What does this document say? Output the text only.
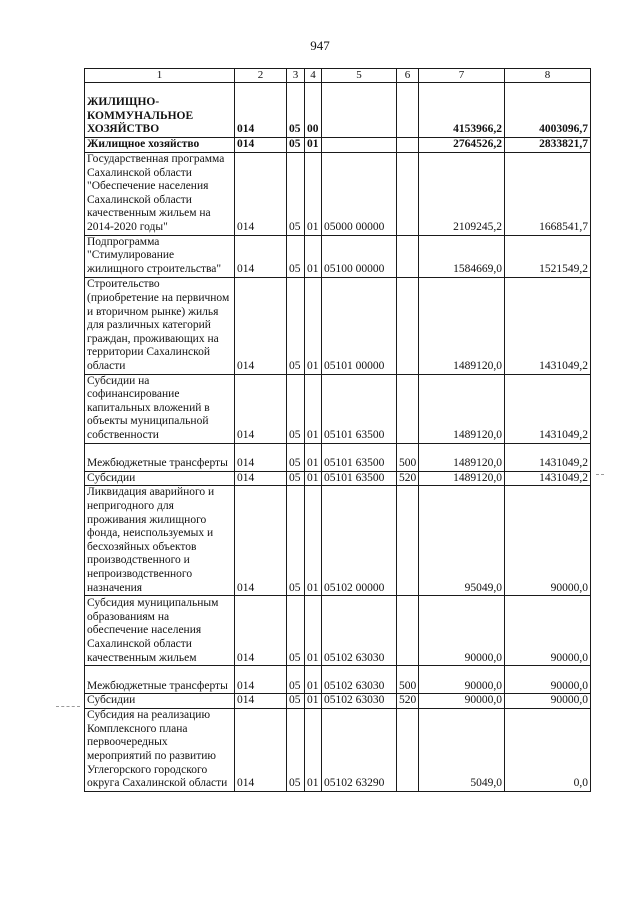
947
1	2	3	4	5	6	7	8
ЖИЛИЩНО-КОММУНАЛЬНОЕ ХОЗЯЙСТВО	014	05	00			4153966,2	4003096,7
Жилищное хозяйство	014	05	01			2764526,2	2833821,7
Государственная программа Сахалинской области "Обеспечение населения Сахалинской области качественным жильем на 2014-2020 годы"	014	05	01	05000 00000		2109245,2	1668541,7
Подпрограмма "Стимулирование жилищного строительства"	014	05	01	05100 00000		1584669,0	1521549,2
Строительство (приобретение на первичном и вторичном рынке) жилья для различных категорий граждан, проживающих на территории Сахалинской области	014	05	01	05101 00000		1489120,0	1431049,2
Субсидии на софинансирование капитальных вложений в объекты муниципальной собственности	014	05	01	05101 63500		1489120,0	1431049,2
Межбюджетные трансферты	014	05	01	05101 63500	500	1489120,0	1431049,2
Субсидии	014	05	01	05101 63500	520	1489120,0	1431049,2
Ликвидация аварийного и непригодного для проживания жилищного фонда, неиспользуемых и бесхозяйных объектов производственного и непроизводственного назначения	014	05	01	05102 00000		95049,0	90000,0
Субсидия муниципальным образованиям на обеспечение населения Сахалинской области качественным жильем	014	05	01	05102 63030		90000,0	90000,0
Межбюджетные трансферты	014	05	01	05102 63030	500	90000,0	90000,0
Субсидии	014	05	01	05102 63030	520	90000,0	90000,0
Субсидия на реализацию Комплексного плана первоочередных мероприятий по развитию Углегорского городского округа Сахалинской области	014	05	01	05102 63290		5049,0	0,0
